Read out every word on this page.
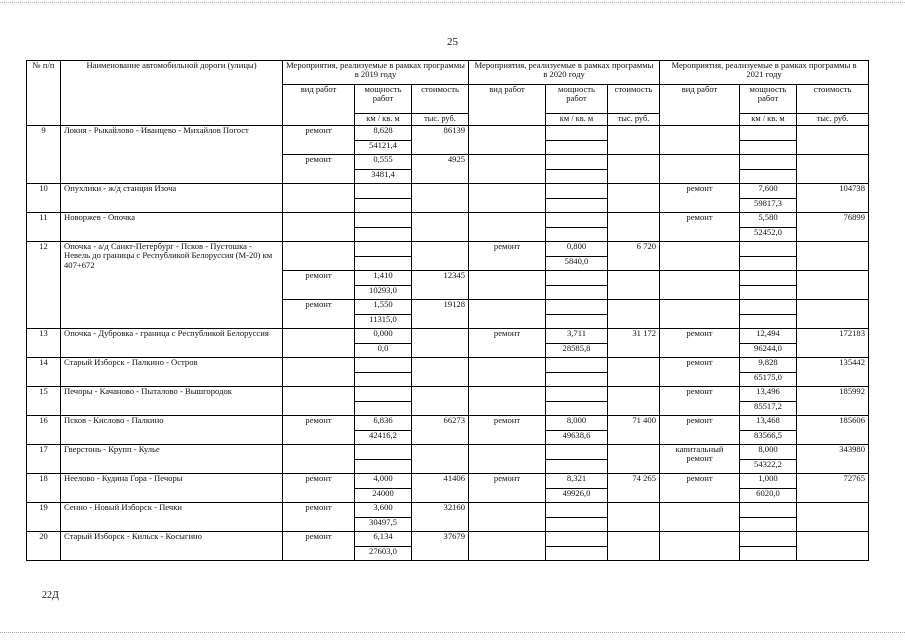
25
№ п/п	Наименование автомобильной дороги (улицы)	Мероприятия, реализуемые в рамках программы в 2019 году			Мероприятия, реализуемые в рамках программы в 2020 году			Мероприятия, реализуемые в рамках программы в 2021 году		
		вид работ	мощность работ	стоимость	вид работ	мощность работ	стоимость	вид работ	мощность работ	стоимость
			км / кв. м	тыс. руб.		км / кв. м	тыс. руб.		км / кв. м	тыс. руб.
9	Локня - Рыкайлово - Иванцево - Михайлов Погост	ремонт	8,628	86139						
			54121,4							
		ремонт	0,555	4925						
			3481,4							
10	Опухлики - ж/д станция Изоча							ремонт	7,600	104738
									59817,3	
11	Новоржев - Опочка							ремонт	5,580	76899
									52452,0	
12	Опочка - а/д Санкт-Петербург - Псков - Пустошка - Невель до границы с Республикой Белоруссия (М-20) км 407+672				ремонт	0,800	6 720			
						5840,0				
		ремонт	1,410	12345						
			10293,0							
		ремонт	1,550	19128						
			11315,0							
13	Опочка - Дубровка - граница с Республикой Белоруссия		0,000		ремонт	3,711	31 172	ремонт	12,494	172183
			0,0			28585,8			96244,0	
14	Старый Изборск - Палкино - Остров							ремонт	9,828	135442
									65175,0	
15	Печоры - Качаново - Пыталово - Вышгородок							ремонт	13,496	185992
									85517,2	
16	Псков - Кислово - Палкино	ремонт	6,836	66273	ремонт	8,000	71 400	ремонт	13,468	185606
			42416,2			49638,6			83566,5	
17	Гверстонь - Крупп - Кулье							капитальный ремонт	8,000	343980
									54322,2	
18	Неелово - Кудина Гора - Печоры	ремонт	4,000	41406	ремонт	8,321	74 265	ремонт	1,000	72765
			24000			49926,0			6020,0	
19	Сенно - Новый Изборск - Печки	ремонт	3,600	32160						
			30497,5							
20	Старый Изборск - Кильск - Косыгино	ремонт	6,134	37679						
			27603,0							
22Д
